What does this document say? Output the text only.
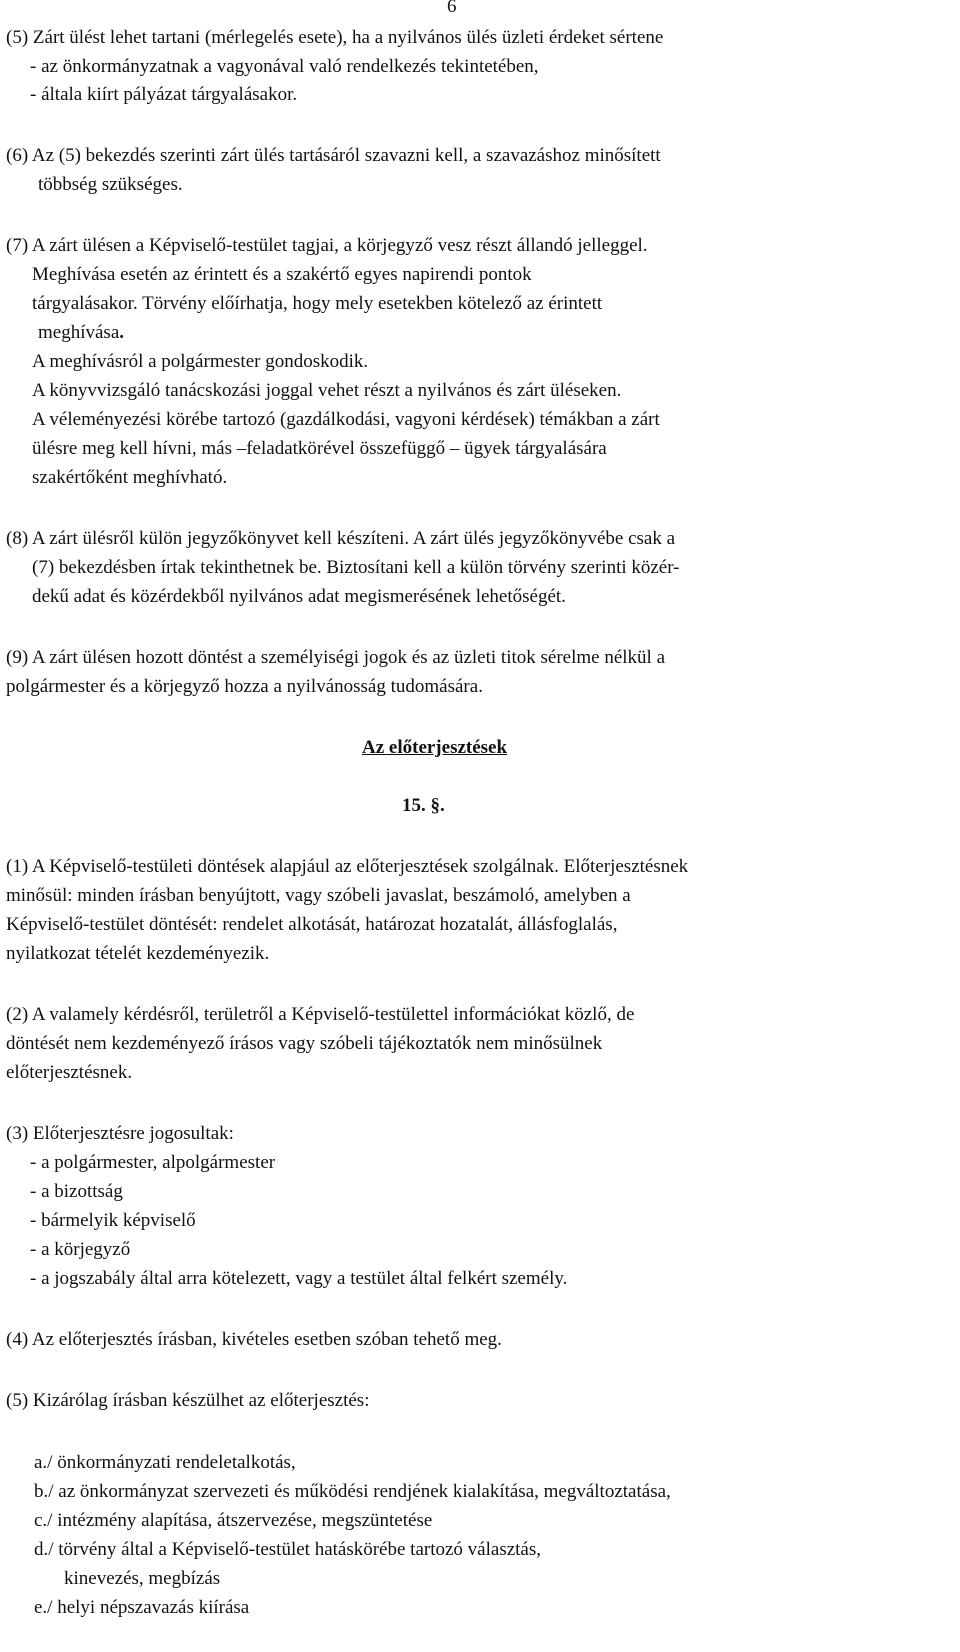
6
(5) Zárt ülést lehet tartani (mérlegelés esete), ha a nyilvános ülés üzleti érdeket sértene
- az önkormányzatnak a vagyonával való rendelkezés tekintetében,
- általa kiírt pályázat tárgyalásakor.
(6) Az (5) bekezdés szerinti zárt ülés tartásáról szavazni kell, a szavazáshoz minősített
többség szükséges.
(7) A zárt ülésen a Képviselő-testület tagjai, a körjegyző vesz részt állandó jelleggel.
Meghívása esetén az érintett és a szakértő egyes napirendi pontok
tárgyalásakor. Törvény előírhatja, hogy mely esetekben kötelező az érintett
meghívása.
A meghívásról a polgármester gondoskodik.
A könyvvizsgáló tanácskozási joggal vehet részt a nyilvános és zárt üléseken.
A véleményezési körébe tartozó (gazdálkodási, vagyoni kérdések) témákban a zárt
ülésre meg kell hívni, más –feladatkörével összefüggő – ügyek tárgyalására
szakértőként meghívható.
(8) A zárt ülésről külön jegyzőkönyvet kell készíteni. A zárt ülés jegyzőkönyvébe csak a
(7) bekezdésben írtak tekinthetnek be. Biztosítani kell a külön törvény szerinti közér-
dekű adat és közérdekből nyilvános adat megismerésének lehetőségét.
(9) A zárt ülésen hozott döntést a személyiségi jogok és az üzleti titok sérelme nélkül a
polgármester és a körjegyző hozza a nyilvánosság tudomására.
Az előterjesztések
15. §.
(1) A Képviselő-testületi döntések alapjául az előterjesztések szolgálnak. Előterjesztésnek
minősül: minden írásban benyújtott, vagy szóbeli javaslat, beszámoló, amelyben a
Képviselő-testület döntését: rendelet alkotását, határozat hozatalát, állásfoglalás,
nyilatkozat tételét kezdeményezik.
(2) A valamely kérdésről, területről a Képviselő-testülettel információkat közlő, de
döntését nem kezdeményező írásos vagy szóbeli tájékoztatók nem minősülnek
előterjesztésnek.
(3) Előterjesztésre jogosultak:
- a polgármester, alpolgármester
- a bizottság
- bármelyik képviselő
- a körjegyző
- a jogszabály által arra kötelezett, vagy a testület által felkért személy.
(4) Az előterjesztés írásban, kivételes esetben szóban tehető meg.
(5) Kizárólag írásban készülhet az előterjesztés:
a./ önkormányzati rendeletalkotás,
b./ az önkormányzat szervezeti és működési rendjének kialakítása, megváltoztatása,
c./ intézmény alapítása, átszervezése, megszüntetése
d./ törvény által a Képviselő-testület hatáskörébe tartozó választás,
kinevezés, megbízás
e./ helyi népszavazás kiírása
